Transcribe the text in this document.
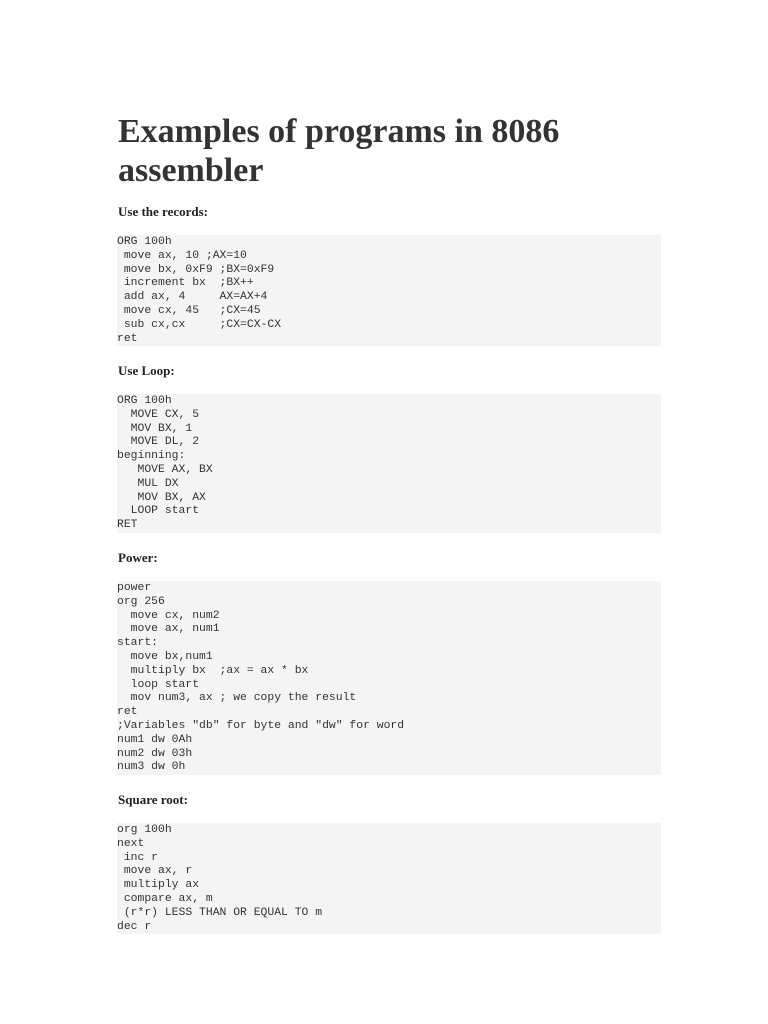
Examples of programs in 8086 assembler

Use the records:

ORG 100h
move ax, 10 ;AX=10
move bx, 0xF9 ;BX=0xF9
increment bx  ;BX++
add ax, 4     AX=AX+4
move cx, 45   ;CX=45
sub cx,cx     ;CX=CX-CX
ret

Use Loop:

ORG 100h
MOVE CX, 5
MOV BX, 1
MOVE DL, 2
beginning:
MOVE AX, BX
MUL DX
MOV BX, AX
LOOP start
RET

Power:

power
org 256
move cx, num2
move ax, num1
start:
move bx,num1
multiply bx  ;ax = ax * bx
loop start
mov num3, ax ; we copy the result
ret
;Variables "db" for byte and "dw" for word
num1 dw 0Ah
num2 dw 03h
num3 dw 0h

Square root:

org 100h
next
inc r
move ax, r
multiply ax
compare ax, m
(r*r) LESS THAN OR EQUAL TO m
dec r
